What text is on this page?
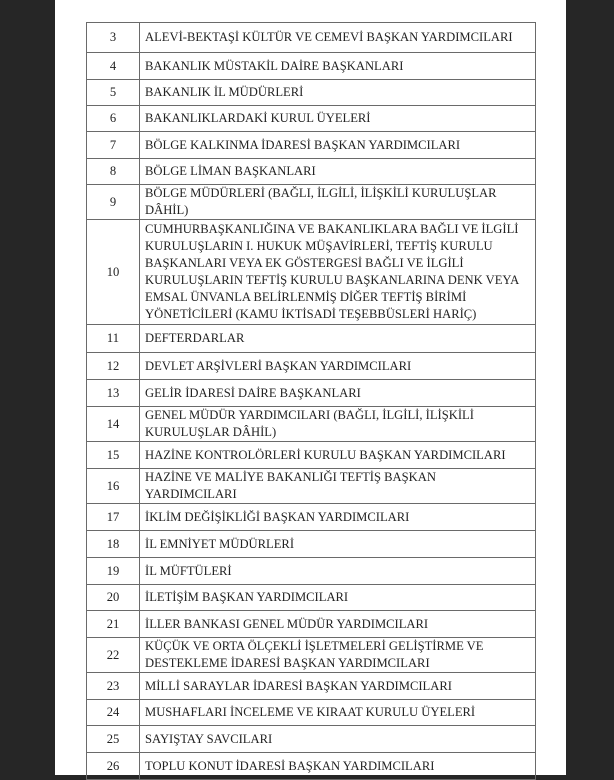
3	ALEVİ-BEKTAŞİ KÜLTÜR VE CEMEVİ BAŞKAN YARDIMCILARI
4	BAKANLIK MÜSTAKİL DAİRE BAŞKANLARI
5	BAKANLIK İL MÜDÜRLERİ
6	BAKANLIKLARDAKİ KURUL ÜYELERİ
7	BÖLGE KALKINMA İDARESİ BAŞKAN YARDIMCILARI
8	BÖLGE LİMAN BAŞKANLARI
9	BÖLGE MÜDÜRLERİ (BAĞLI, İLGİLİ, İLİŞKİLİ KURULUŞLAR DÂHİL)
10	CUMHURBAŞKANLIĞINA VE BAKANLIKLARA BAĞLI VE İLGİLİ KURULUŞLARIN I. HUKUK MÜŞAVİRLERİ, TEFTİŞ KURULU BAŞKANLARI VEYA EK GÖSTERGESİ BAĞLI VE İLGİLİ KURULUŞLARIN TEFTİŞ KURULU BAŞKANLARINA DENK VEYA EMSAL ÜNVANLA BELİRLENMİŞ DİĞER TEFTİŞ BİRİMİ YÖNETİCİLERİ (KAMU İKTİSADİ TEŞEBBÜSLERİ HARİÇ)
11	DEFTERDARLAR
12	DEVLET ARŞİVLERİ BAŞKAN YARDIMCILARI
13	GELİR İDARESİ DAİRE BAŞKANLARI
14	GENEL MÜDÜR YARDIMCILARI (BAĞLI, İLGİLİ, İLİŞKİLİ KURULUŞLAR DÂHİL)
15	HAZİNE KONTROLÖRLERİ KURULU BAŞKAN YARDIMCILARI
16	HAZİNE VE MALİYE BAKANLIĞI TEFTİŞ BAŞKAN YARDIMCILARI
17	İKLİM DEĞİŞİKLİĞİ BAŞKAN YARDIMCILARI
18	İL EMNİYET MÜDÜRLERİ
19	İL MÜFTÜLERİ
20	İLETİŞİM BAŞKAN YARDIMCILARI
21	İLLER BANKASI GENEL MÜDÜR YARDIMCILARI
22	KÜÇÜK VE ORTA ÖLÇEKLİ İŞLETMELERİ GELİŞTİRME VE DESTEKLEME İDARESİ BAŞKAN YARDIMCILARI
23	MİLLİ SARAYLAR İDARESİ BAŞKAN YARDIMCILARI
24	MUSHAFLARI İNCELEME VE KIRAAT KURULU ÜYELERİ
25	SAYIŞTAY SAVCILARI
26	TOPLU KONUT İDARESİ BAŞKAN YARDIMCILARI
